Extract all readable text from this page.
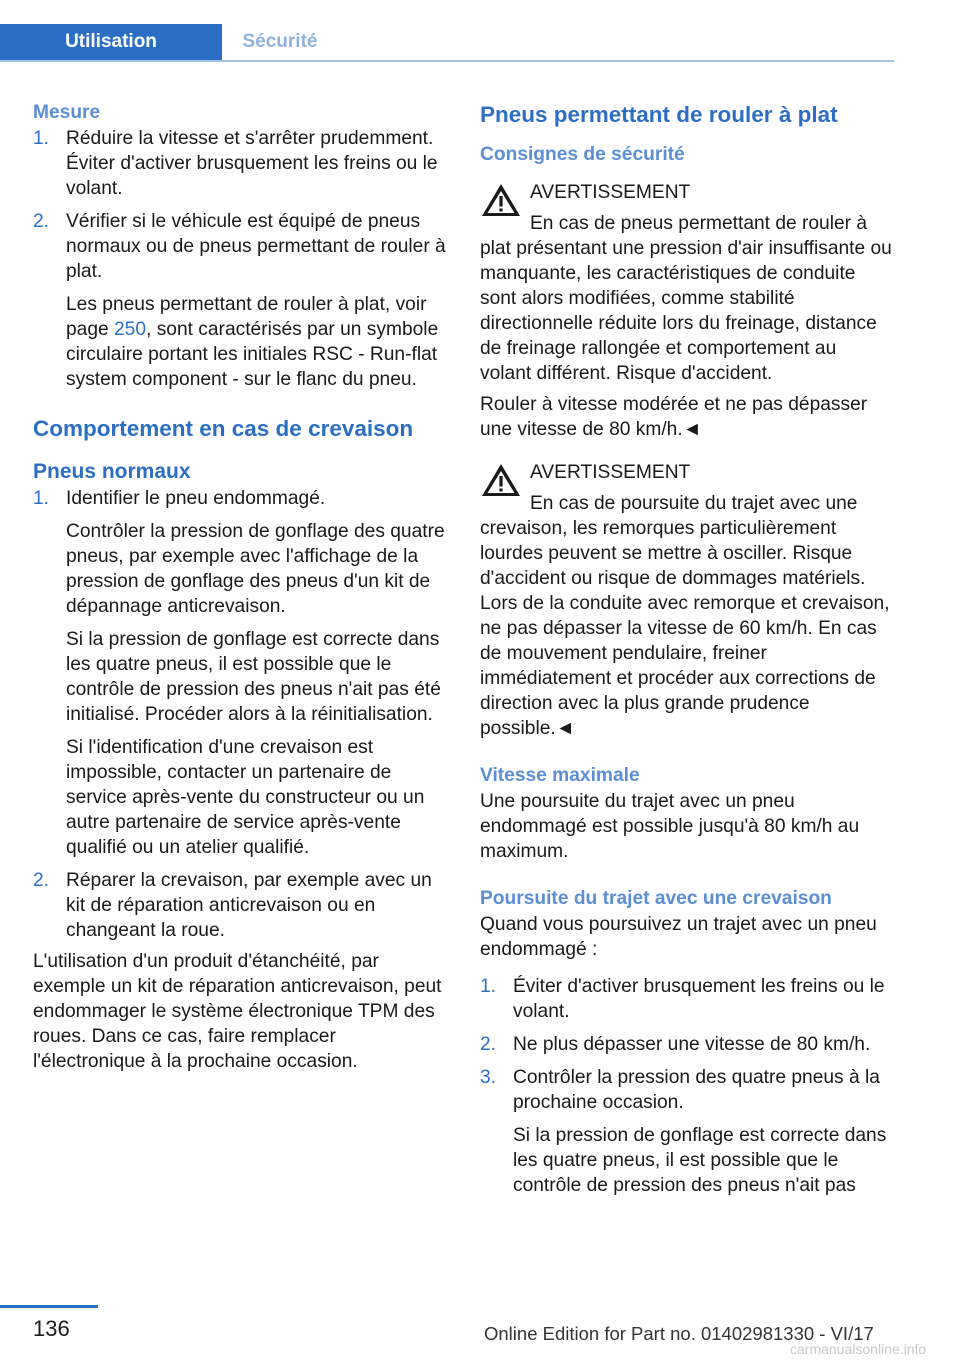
Utilisation	Sécurité
Mesure
1. Réduire la vitesse et s'arrêter prudemment. Éviter d'activer brusquement les freins ou le volant.

2. Vérifier si le véhicule est équipé de pneus normaux ou de pneus permettant de rouler à plat.

Les pneus permettant de rouler à plat, voir page 250, sont caractérisés par un symbole circulaire portant les initiales RSC - Run-flat system component - sur le flanc du pneu.

Comportement en cas de crevaison
Pneus normaux
1. Identifier le pneu endommagé.

Contrôler la pression de gonflage des quatre pneus, par exemple avec l'affichage de la pression de gonflage des pneus d'un kit de dépannage anticrevaison.

Si la pression de gonflage est correcte dans les quatre pneus, il est possible que le contrôle de pression des pneus n'ait pas été initialisé. Procéder alors à la réinitialisation.

Si l'identification d'une crevaison est impossible, contacter un partenaire de service après-vente du constructeur ou un autre partenaire de service après-vente qualifié ou un atelier qualifié.

2. Réparer la crevaison, par exemple avec un kit de réparation anticrevaison ou en changeant la roue.

L'utilisation d'un produit d'étanchéité, par exemple un kit de réparation anticrevaison, peut endommager le système électronique TPM des roues. Dans ce cas, faire remplacer l'électronique à la prochaine occasion.

Pneus permettant de rouler à plat
Consignes de sécurité
AVERTISSEMENT

En cas de pneus permettant de rouler à plat présentant une pression d'air insuffisante ou manquante, les caractéristiques de conduite sont alors modifiées, comme stabilité directionnelle réduite lors du freinage, distance de freinage rallongée et comportement au volant différent. Risque d'accident.

Rouler à vitesse modérée et ne pas dépasser une vitesse de 80 km/h.◄

AVERTISSEMENT

En cas de poursuite du trajet avec une crevaison, les remorques particulièrement lourdes peuvent se mettre à osciller. Risque d'accident ou risque de dommages matériels. Lors de la conduite avec remorque et crevaison, ne pas dépasser la vitesse de 60 km/h. En cas de mouvement pendulaire, freiner immédiatement et procéder aux corrections de direction avec la plus grande prudence possible.◄

Vitesse maximale

Une poursuite du trajet avec un pneu endommagé est possible jusqu'à 80 km/h au maximum.

Poursuite du trajet avec une crevaison

Quand vous poursuivez un trajet avec un pneu endommagé :

1. Éviter d'activer brusquement les freins ou le volant.

2. Ne plus dépasser une vitesse de 80 km/h.

3. Contrôler la pression des quatre pneus à la prochaine occasion.

Si la pression de gonflage est correcte dans les quatre pneus, il est possible que le contrôle de pression des pneus n'ait pas

136	Online Edition for Part no. 01402981330 - VI/17
carmanualsonline.info
